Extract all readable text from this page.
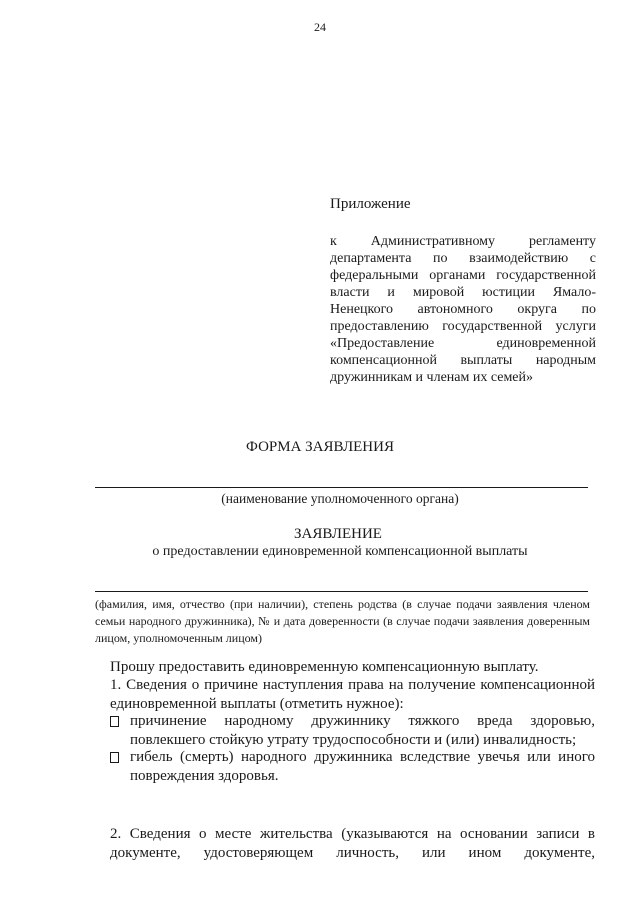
24
Приложение
к Административному регламенту департамента по взаимодействию с федеральными органами государственной власти и мировой юстиции Ямало-Ненецкого автономного округа по предоставлению государственной услуги «Предоставление единовременной компенсационной выплаты народным дружинникам и членам их семей»
ФОРМА ЗАЯВЛЕНИЯ
(наименование уполномоченного органа)
ЗАЯВЛЕНИЕ
о предоставлении единовременной компенсационной выплаты
(фамилия, имя, отчество (при наличии), степень родства (в случае подачи заявления членом семьи народного дружинника), № и дата доверенности (в случае подачи заявления доверенным лицом, уполномоченным лицом)
Прошу предоставить единовременную компенсационную выплату.
1. Сведения о причине наступления права на получение компенсационной единовременной выплаты (отметить нужное):
причинение народному дружиннику тяжкого вреда здоровью, повлекшего стойкую утрату трудоспособности и (или) инвалидность;
гибель (смерть) народного дружинника вследствие увечья или иного повреждения здоровья.
2. Сведения о месте жительства (указываются на основании записи в документе, удостоверяющем личность, или ином документе,
